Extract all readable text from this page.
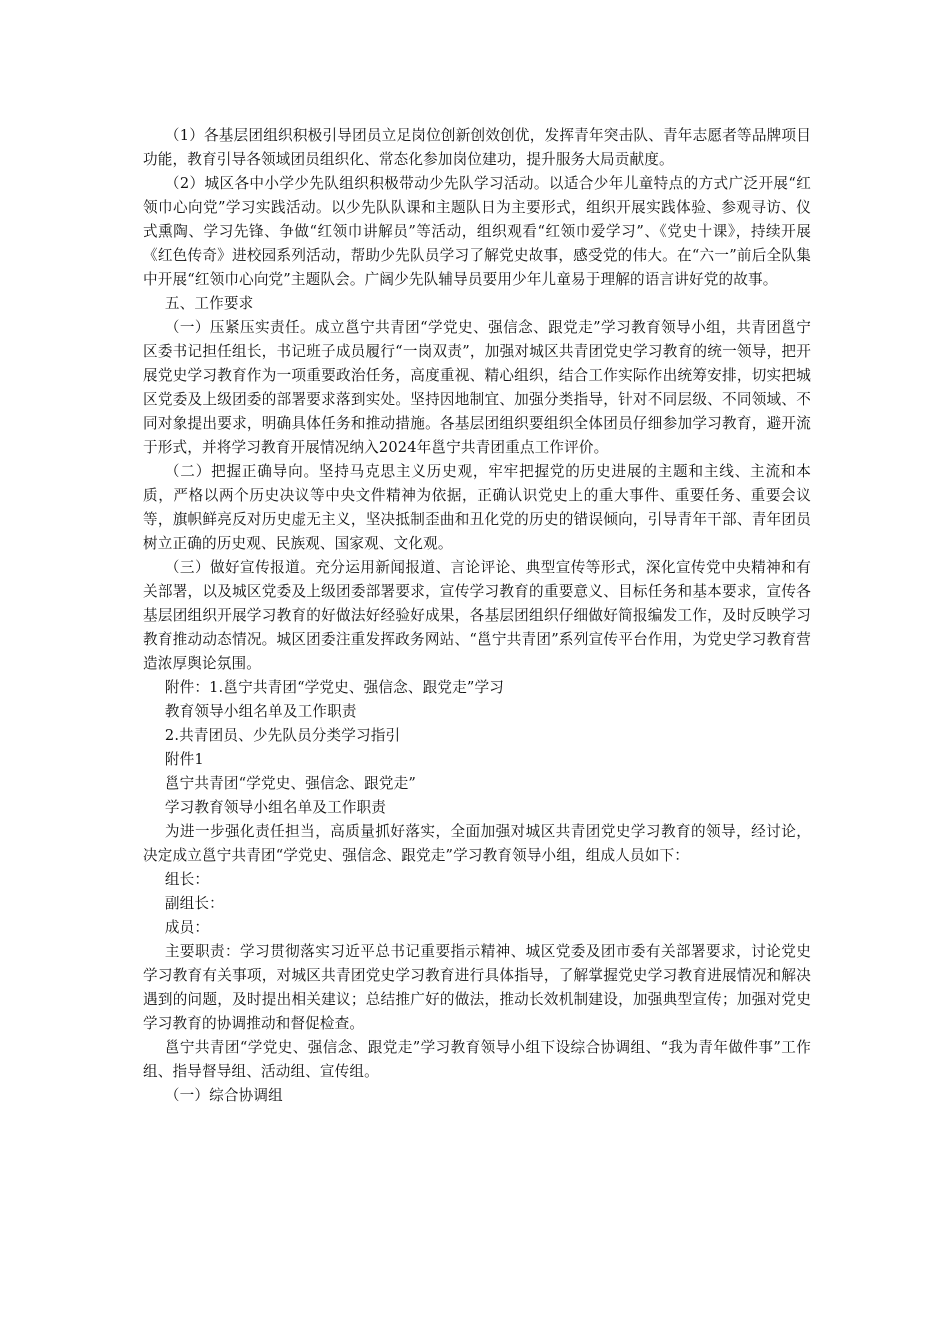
（1）各基层团组织积极引导团员立足岗位创新创效创优，发挥青年突击队、青年志愿者等品牌项目功能，教育引导各领域团员组织化、常态化参加岗位建功，提升服务大局贡献度。

（2）城区各中小学少先队组织积极带动少先队学习活动。以适合少年儿童特点的方式广泛开展“红领巾心向党”学习实践活动。以少先队队课和主题队日为主要形式，组织开展实践体验、参观寻访、仪式熏陶、学习先锋、争做“红领巾讲解员”等活动，组织观看“红领巾爱学习”、《党史十课》，持续开展《红色传奇》进校园系列活动，帮助少先队员学习了解党史故事，感受党的伟大。在“六一”前后全队集中开展“红领巾心向党”主题队会。广阔少先队辅导员要用少年儿童易于理解的语言讲好党的故事。

五、工作要求

（一）压紧压实责任。成立邕宁共青团“学党史、强信念、跟党走”学习教育领导小组，共青团邕宁区委书记担任组长，书记班子成员履行“一岗双责”，加强对城区共青团党史学习教育的统一领导，把开展党史学习教育作为一项重要政治任务，高度重视、精心组织，结合工作实际作出统筹安排，切实把城区党委及上级团委的部署要求落到实处。坚持因地制宜、加强分类指导，针对不同层级、不同领域、不同对象提出要求，明确具体任务和推动措施。各基层团组织要组织全体团员仔细参加学习教育，避开流于形式，并将学习教育开展情况纳入2024年邕宁共青团重点工作评价。

（二）把握正确导向。坚持马克思主义历史观，牢牢把握党的历史进展的主题和主线、主流和本质，严格以两个历史决议等中央文件精神为依据，正确认识党史上的重大事件、重要任务、重要会议等，旗帜鲜亮反对历史虚无主义，坚决抵制歪曲和丑化党的历史的错误倾向，引导青年干部、青年团员树立正确的历史观、民族观、国家观、文化观。

（三）做好宣传报道。充分运用新闻报道、言论评论、典型宣传等形式，深化宣传党中央精神和有关部署，以及城区党委及上级团委部署要求，宣传学习教育的重要意义、目标任务和基本要求，宣传各基层团组织开展学习教育的好做法好经验好成果，各基层团组织仔细做好简报编发工作，及时反映学习教育推动动态情况。城区团委注重发挥政务网站、“邕宁共青团”系列宣传平台作用，为党史学习教育营造浓厚舆论氛围。

附件：1.邕宁共青团“学党史、强信念、跟党走”学习

教育领导小组名单及工作职责

2.共青团员、少先队员分类学习指引

附件1

邕宁共青团“学党史、强信念、跟党走”

学习教育领导小组名单及工作职责

为进一步强化责任担当，高质量抓好落实，全面加强对城区共青团党史学习教育的领导，经讨论，决定成立邕宁共青团“学党史、强信念、跟党走”学习教育领导小组，组成人员如下：

组长：

副组长：

成员：

主要职责：学习贯彻落实习近平总书记重要指示精神、城区党委及团市委有关部署要求，讨论党史学习教育有关事项，对城区共青团党史学习教育进行具体指导，了解掌握党史学习教育进展情况和解决遇到的问题，及时提出相关建议；总结推广好的做法，推动长效机制建设，加强典型宣传；加强对党史学习教育的协调推动和督促检查。

邕宁共青团“学党史、强信念、跟党走”学习教育领导小组下设综合协调组、“我为青年做件事”工作组、指导督导组、活动组、宣传组。

（一）综合协调组
